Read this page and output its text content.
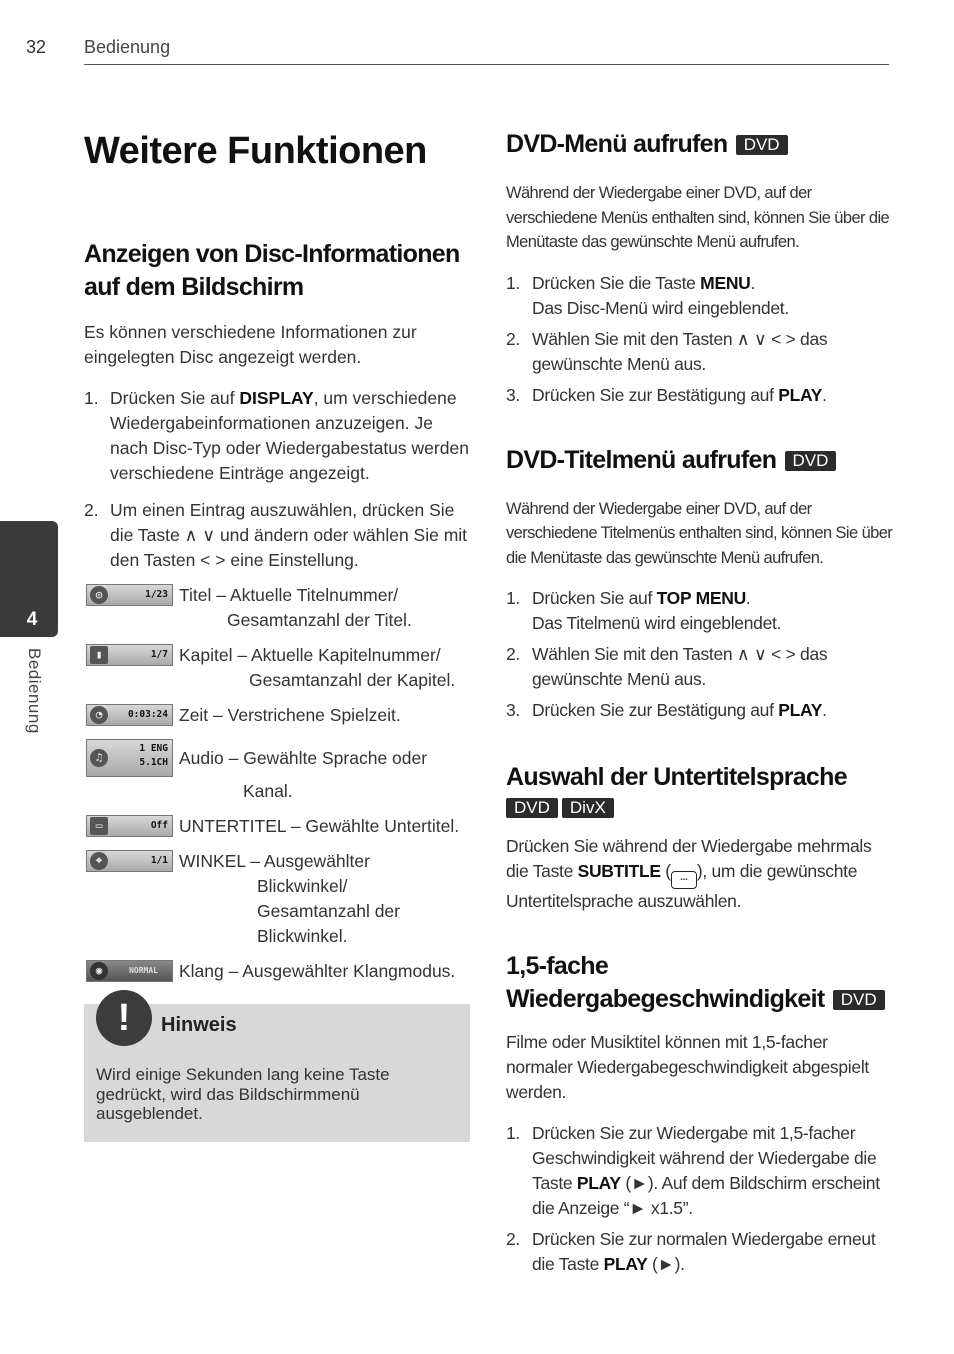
32 Bedienung
4
Bedienung
Weitere Funktionen
Anzeigen von Disc-Informationen auf dem Bildschirm

Es können verschiedene Informationen zur eingelegten Disc angezeigt werden.

1. Drücken Sie auf DISPLAY, um verschiedene Wiedergabeinformationen anzuzeigen. Je nach Disc-Typ oder Wiedergabestatus werden verschiedene Einträge angezeigt.
2. Um einen Eintrag auszuwählen, drücken Sie die Taste ∧ ∨ und ändern oder wählen Sie mit den Tasten < > eine Einstellung.
◎	1/23 Titel – Aktuelle Titelnummer/
Gesamtanzahl der Titel.
▮	1/7 Kapitel – Aktuelle Kapitelnummer/
Gesamtanzahl der Kapitel.
◔	0:03:24 Zeit – Verstrichene Spielzeit.
♫
1 ENG
5.1CH Audio – Gewählte Sprache oder
Kanal.
▭	Off UNTERTITEL – Gewählte Untertitel.
⌖	1/1 WINKEL – Ausgewählter
Blickwinkel/
Gesamtanzahl der
Blickwinkel.
◉	NORMAL	Klang – Ausgewählter Klangmodus.
!	Hinweis
Wird einige Sekunden lang keine Taste gedrückt, wird das Bildschirmmenü ausgeblendet.
DVD-Menü aufrufen DVD

Während der Wiedergabe einer DVD, auf der verschiedene Menüs enthalten sind, können Sie über die Menütaste das gewünschte Menü aufrufen.

1. Drücken Sie die Taste MENU.
Das Disc-Menü wird eingeblendet.
2. Wählen Sie mit den Tasten ∧ ∨ < > das gewünschte Menü aus.
3. Drücken Sie zur Bestätigung auf PLAY.
DVD-Titelmenü aufrufen DVD

Während der Wiedergabe einer DVD, auf der verschiedene Titelmenüs enthalten sind, können Sie über die Menütaste das gewünschte Menü aufrufen.

1. Drücken Sie auf TOP MENU.
Das Titelmenü wird eingeblendet.
2. Wählen Sie mit den Tasten ∧ ∨ < > das gewünschte Menü aus.
3. Drücken Sie zur Bestätigung auf PLAY.
Auswahl der Untertitelsprache
DVD DivX

Drücken Sie während der Wiedergabe mehrmals die Taste SUBTITLE ( ... ), um die gewünschte Untertitelsprache auszuwählen.

1,5-fache
Wiedergabegeschwindigkeit DVD

Filme oder Musiktitel können mit 1,5-facher normaler Wiedergabegeschwindigkeit abgespielt werden.

1. Drücken Sie zur Wiedergabe mit 1,5-facher Geschwindigkeit während der Wiedergabe die Taste PLAY (►). Auf dem Bildschirm erscheint die Anzeige “► x1.5”.
2. Drücken Sie zur normalen Wiedergabe erneut die Taste PLAY (►).
